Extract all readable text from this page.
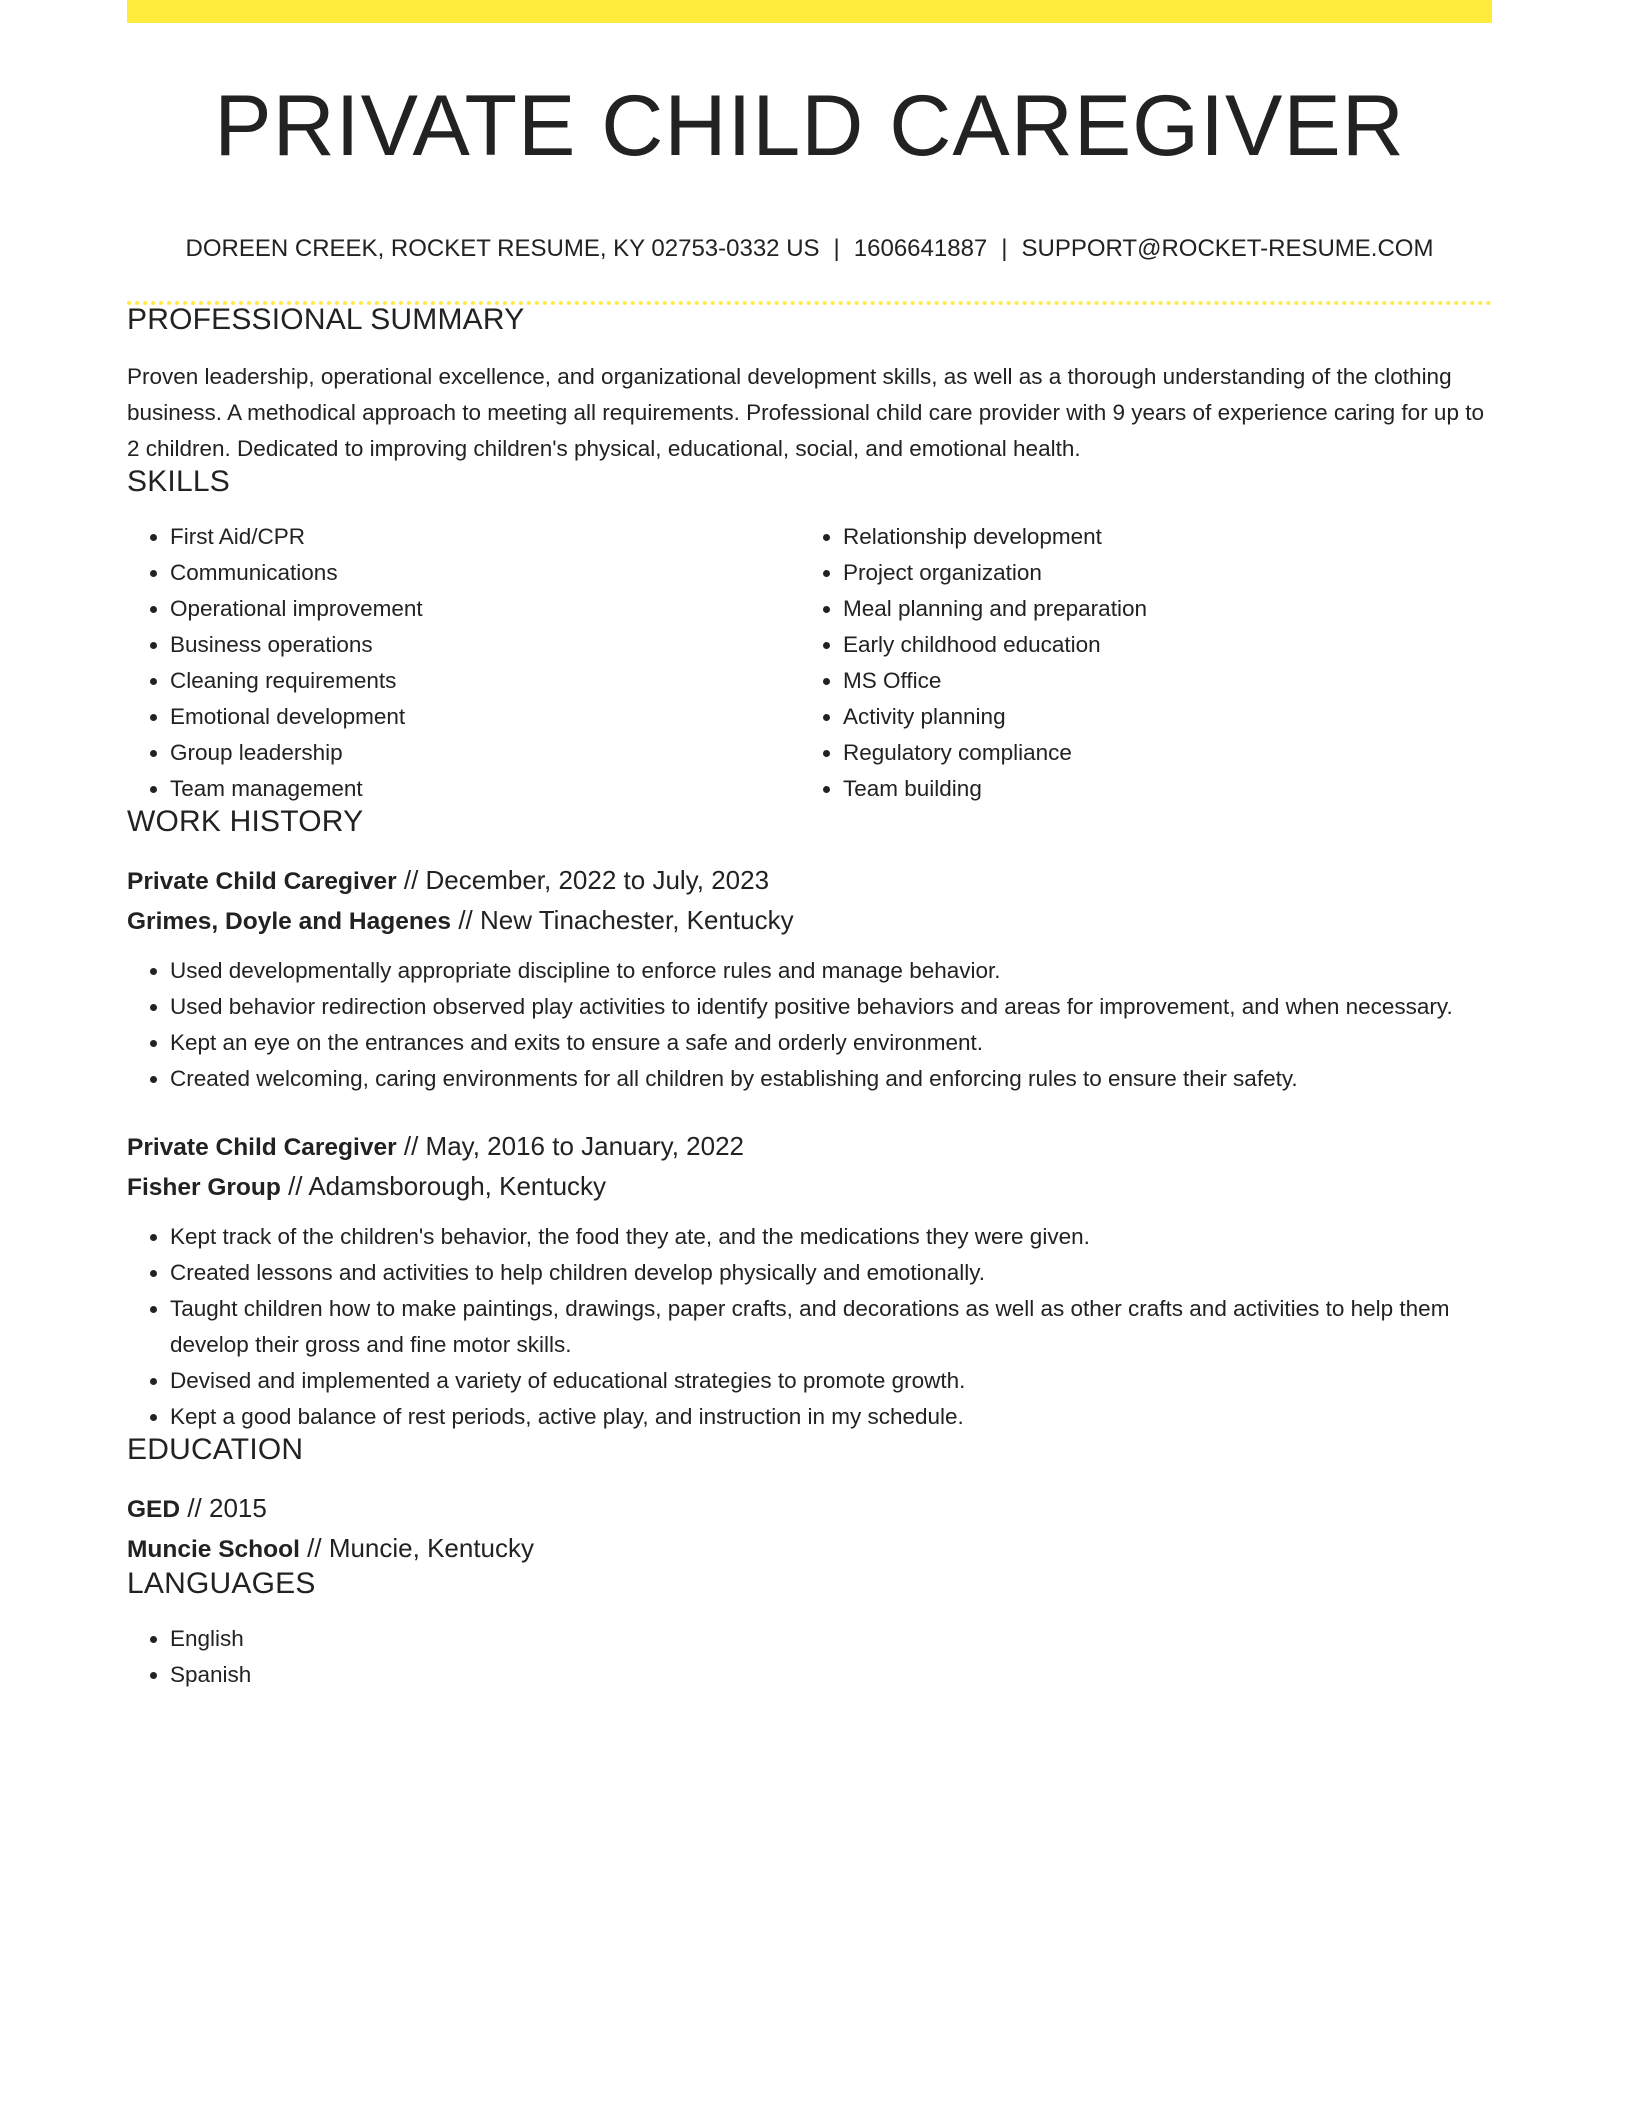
PRIVATE CHILD CAREGIVER
DOREEN CREEK, ROCKET RESUME, KY 02753-0332 US | 1606641887 | SUPPORT@ROCKET-RESUME.COM
PROFESSIONAL SUMMARY
Proven leadership, operational excellence, and organizational development skills, as well as a thorough understanding of the clothing business. A methodical approach to meeting all requirements. Professional child care provider with 9 years of experience caring for up to 2 children. Dedicated to improving children's physical, educational, social, and emotional health.
SKILLS
• First Aid/CPR
• Communications
• Operational improvement
• Business operations
• Cleaning requirements
• Emotional development
• Group leadership
• Team management
• Relationship development
• Project organization
• Meal planning and preparation
• Early childhood education
• MS Office
• Activity planning
• Regulatory compliance
• Team building
WORK HISTORY
Private Child Caregiver // December, 2022 to July, 2023
Grimes, Doyle and Hagenes // New Tinachester, Kentucky
• Used developmentally appropriate discipline to enforce rules and manage behavior.
• Used behavior redirection observed play activities to identify positive behaviors and areas for improvement, and when necessary.
• Kept an eye on the entrances and exits to ensure a safe and orderly environment.
• Created welcoming, caring environments for all children by establishing and enforcing rules to ensure their safety.
Private Child Caregiver // May, 2016 to January, 2022
Fisher Group // Adamsborough, Kentucky
• Kept track of the children's behavior, the food they ate, and the medications they were given.
• Created lessons and activities to help children develop physically and emotionally.
• Taught children how to make paintings, drawings, paper crafts, and decorations as well as other crafts and activities to help them develop their gross and fine motor skills.
• Devised and implemented a variety of educational strategies to promote growth.
• Kept a good balance of rest periods, active play, and instruction in my schedule.
EDUCATION
GED // 2015
Muncie School // Muncie, Kentucky
LANGUAGES
• English
• Spanish
